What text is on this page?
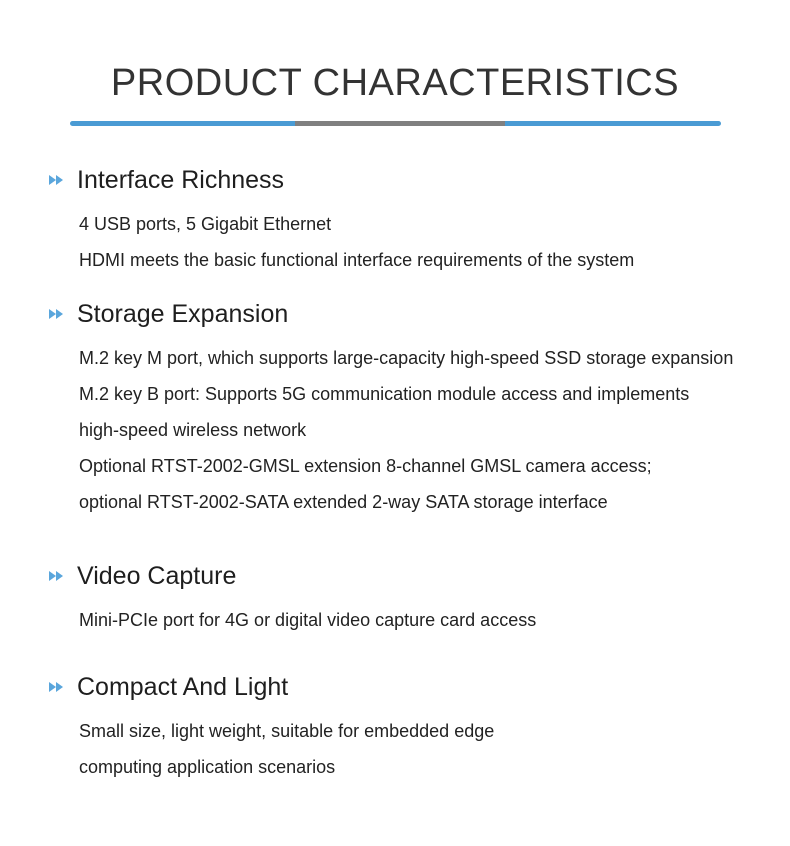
PRODUCT CHARACTERISTICS
Interface Richness
4 USB ports, 5 Gigabit Ethernet
HDMI meets the basic functional interface requirements of the system
Storage Expansion
M.2 key M port, which supports large-capacity high-speed SSD storage expansion
M.2 key B port: Supports 5G communication module access and implements
high-speed wireless network
Optional RTST-2002-GMSL extension 8-channel GMSL camera access;
optional RTST-2002-SATA extended 2-way SATA storage interface
Video Capture
Mini-PCIe port for 4G or digital video capture card access
Compact And Light
Small size, light weight, suitable for embedded edge
computing application scenarios
